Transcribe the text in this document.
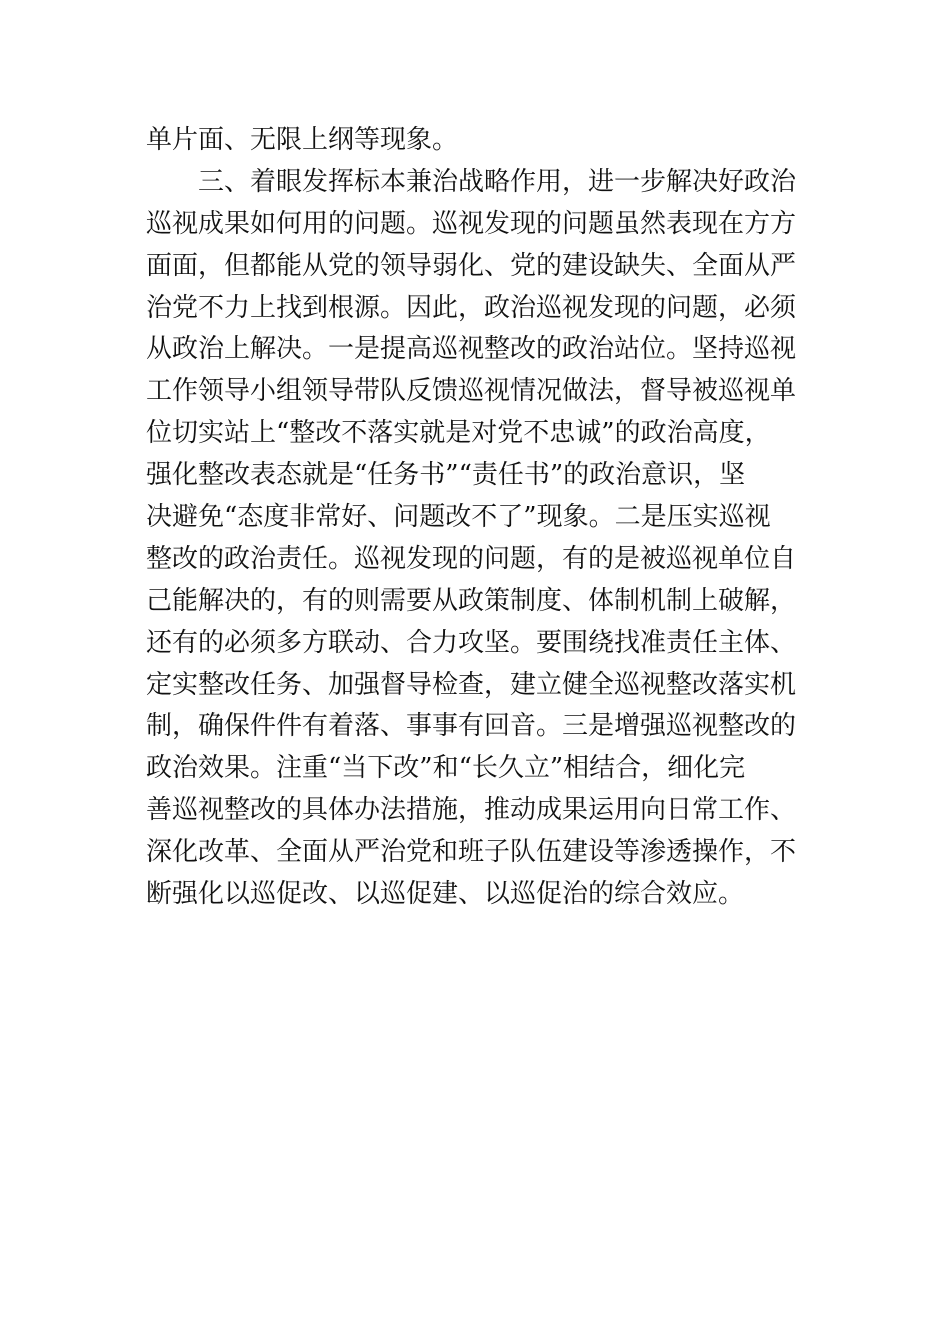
单片面、无限上纲等现象。
　　三、着眼发挥标本兼治战略作用，进一步解决好政治
巡视成果如何用的问题。巡视发现的问题虽然表现在方方
面面，但都能从党的领导弱化、党的建设缺失、全面从严
治党不力上找到根源。因此，政治巡视发现的问题，必须
从政治上解决。一是提高巡视整改的政治站位。坚持巡视
工作领导小组领导带队反馈巡视情况做法，督导被巡视单
位切实站上“整改不落实就是对党不忠诚”的政治高度，
强化整改表态就是“任务书”“责任书”的政治意识，坚
决避免“态度非常好、问题改不了”现象。二是压实巡视
整改的政治责任。巡视发现的问题，有的是被巡视单位自
己能解决的，有的则需要从政策制度、体制机制上破解，
还有的必须多方联动、合力攻坚。要围绕找准责任主体、
定实整改任务、加强督导检查，建立健全巡视整改落实机
制，确保件件有着落、事事有回音。三是增强巡视整改的
政治效果。注重“当下改”和“长久立”相结合，细化完
善巡视整改的具体办法措施，推动成果运用向日常工作、
深化改革、全面从严治党和班子队伍建设等渗透操作，不
断强化以巡促改、以巡促建、以巡促治的综合效应。
